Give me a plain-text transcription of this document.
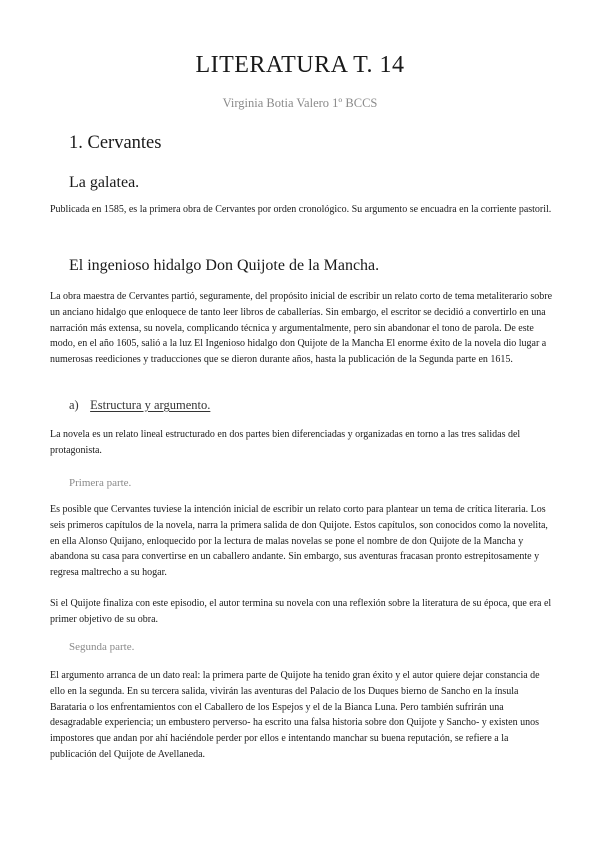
LITERATURA T. 14

Virginia Botia Valero 1º BCCS

1. Cervantes
La galatea.

Publicada en 1585, es la primera obra de Cervantes por orden cronológico. Su argumento se encuadra en la corriente pastoril.

El ingenioso hidalgo Don Quijote de la Mancha.

La obra maestra de Cervantes partió, seguramente, del propósito inicial de escribir un relato corto de tema metaliterario sobre un anciano hidalgo que enloquece de tanto leer libros de caballerías. Sin embargo, el escritor se decidió a convertirlo en una narración más extensa, su novela, complicando técnica y argumentalmente, pero sin abandonar el tono de parola. De este modo, en el año 1605, salió a la luz El Ingenioso hidalgo don Quijote de la Mancha El enorme éxito de la novela dio lugar a numerosas reediciones y traducciones que se dieron durante años, hasta la publicación de la Segunda parte en 1615.

a) Estructura y argumento.

La novela es un relato lineal estructurado en dos partes bien diferenciadas y organizadas en torno a las tres salidas del protagonista.

Primera parte.

Es posible que Cervantes tuviese la intención inicial de escribir un relato corto para plantear un tema de crítica literaria. Los seis primeros capítulos de la novela, narra la primera salida de don Quijote. Estos capítulos, son conocidos como la novelita, en ella Alonso Quijano, enloquecido por la lectura de malas novelas se pone el nombre de don Quijote de la Mancha y abandona su casa para convertirse en un caballero andante. Sin embargo, sus aventuras fracasan pronto estrepitosamente y regresa maltrecho a su hogar.

Si el Quijote finaliza con este episodio, el autor termina su novela con una reflexión sobre la literatura de su época, que era el primer objetivo de su obra.

Segunda parte.

El argumento arranca de un dato real: la primera parte de Quijote ha tenido gran éxito y el autor quiere dejar constancia de ello en la segunda. En su tercera salida, vivirán las aventuras del Palacio de los Duques bierno de Sancho en la ínsula Barataria o los enfrentamientos con el Caballero de los Espejos y el de la Bianca Luna. Pero también sufrirán una desagradable experiencia; un embustero perverso- ha escrito una falsa historia sobre don Quijote y Sancho- y existen unos impostores que andan por ahí haciéndole perder por ellos e intentando manchar su buena reputación, se refiere a la publicación del Quijote de Avellaneda.
